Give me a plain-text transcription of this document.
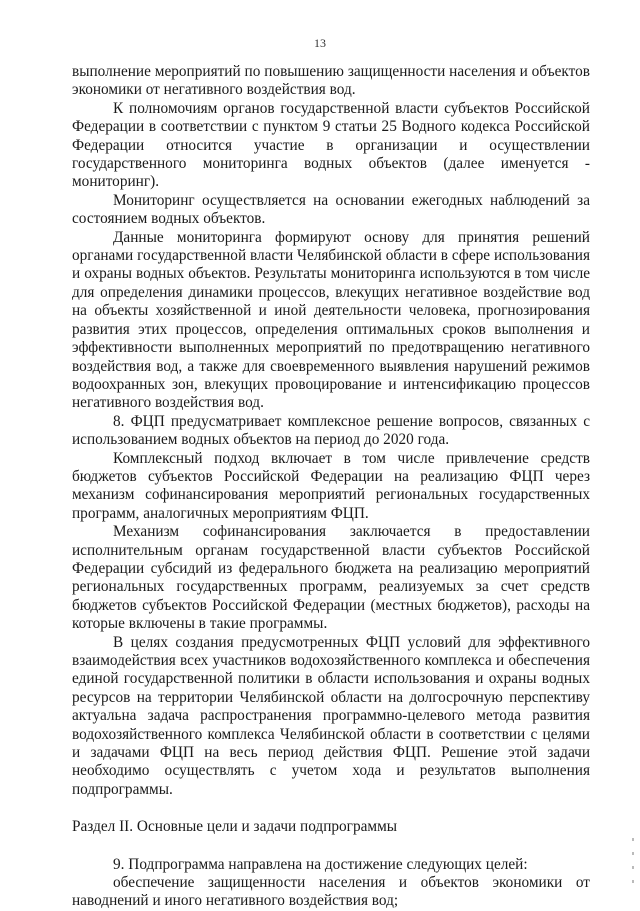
13

выполнение мероприятий по повышению защищенности населения и объектов экономики от негативного воздействия вод.

К полномочиям органов государственной власти субъектов Российской Федерации в соответствии с пунктом 9 статьи 25 Водного кодекса Российской Федерации относится участие в организации и осуществлении государственного мониторинга водных объектов (далее именуется - мониторинг).

Мониторинг осуществляется на основании ежегодных наблюдений за состоянием водных объектов.

Данные мониторинга формируют основу для принятия решений органами государственной власти Челябинской области в сфере использования и охраны водных объектов. Результаты мониторинга используются в том числе для определения динамики процессов, влекущих негативное воздействие вод на объекты хозяйственной и иной деятельности человека, прогнозирования развития этих процессов, определения оптимальных сроков выполнения и эффективности выполненных мероприятий по предотвращению негативного воздействия вод, а также для своевременного выявления нарушений режимов водоохранных зон, влекущих провоцирование и интенсификацию процессов негативного воздействия вод.

8. ФЦП предусматривает комплексное решение вопросов, связанных с использованием водных объектов на период до 2020 года.

Комплексный подход включает в том числе привлечение средств бюджетов субъектов Российской Федерации на реализацию ФЦП через механизм софинансирования мероприятий региональных государственных программ, аналогичных мероприятиям ФЦП.

Механизм софинансирования заключается в предоставлении исполнительным органам государственной власти субъектов Российской Федерации субсидий из федерального бюджета на реализацию мероприятий региональных государственных программ, реализуемых за счет средств бюджетов субъектов Российской Федерации (местных бюджетов), расходы на которые включены в такие программы.

В целях создания предусмотренных ФЦП условий для эффективного взаимодействия всех участников водохозяйственного комплекса и обеспечения единой государственной политики в области использования и охраны водных ресурсов на территории Челябинской области на долгосрочную перспективу актуальна задача распространения программно-целевого метода развития водохозяйственного комплекса Челябинской области в соответствии с целями и задачами ФЦП на весь период действия ФЦП. Решение этой задачи необходимо осуществлять с учетом хода и результатов выполнения подпрограммы.

Раздел II. Основные цели и задачи подпрограммы

9. Подпрограмма направлена на достижение следующих целей:

обеспечение защищенности населения и объектов экономики от наводнений и иного негативного воздействия вод;
